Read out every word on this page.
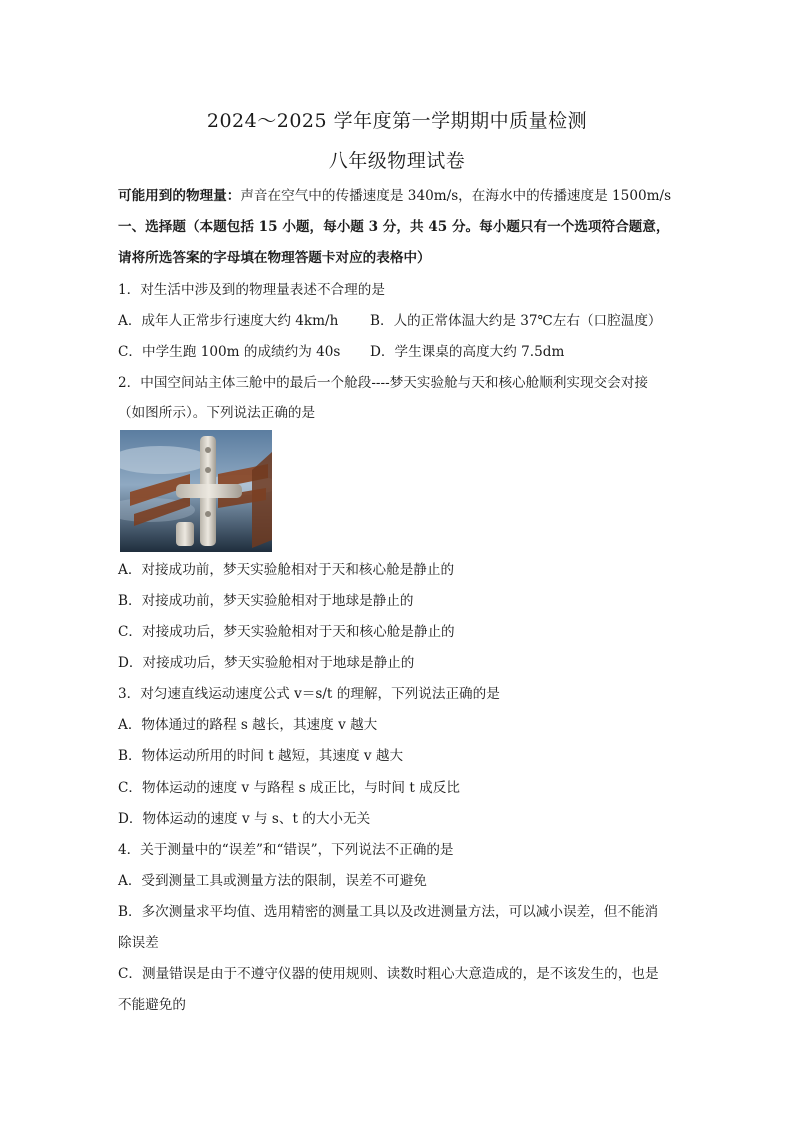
2024～2025 学年度第一学期期中质量检测
八年级物理试卷
可能用到的物理量：声音在空气中的传播速度是 340m/s，在海水中的传播速度是 1500m/s
一、选择题（本题包括 15 小题，每小题 3 分，共 45 分。每小题只有一个选项符合题意，
请将所选答案的字母填在物理答题卡对应的表格中）
1．对生活中涉及到的物理量表述不合理的是
A．成年人正常步行速度大约 4km/h B．人的正常体温大约是 37℃左右（口腔温度）
C．中学生跑 100m 的成绩约为 40s D．学生课桌的高度大约 7.5dm
2．中国空间站主体三舱中的最后一个舱段----梦天实验舱与天和核心舱顺利实现交会对接
（如图所示）。下列说法正确的是
A．对接成功前，梦天实验舱相对于天和核心舱是静止的
B．对接成功前，梦天实验舱相对于地球是静止的
C．对接成功后，梦天实验舱相对于天和核心舱是静止的
D．对接成功后，梦天实验舱相对于地球是静止的
3．对匀速直线运动速度公式 v＝s/t 的理解，下列说法正确的是
A．物体通过的路程 s 越长，其速度 v 越大
B．物体运动所用的时间 t 越短，其速度 v 越大
C．物体运动的速度 v 与路程 s 成正比，与时间 t 成反比
D．物体运动的速度 v 与 s、t 的大小无关
4．关于测量中的“误差”和“错误”，下列说法不正确的是
A．受到测量工具或测量方法的限制，误差不可避免
B．多次测量求平均值、选用精密的测量工具以及改进测量方法，可以减小误差，但不能消
除误差
C．测量错误是由于不遵守仪器的使用规则、读数时粗心大意造成的，是不该发生的，也是
不能避免的
